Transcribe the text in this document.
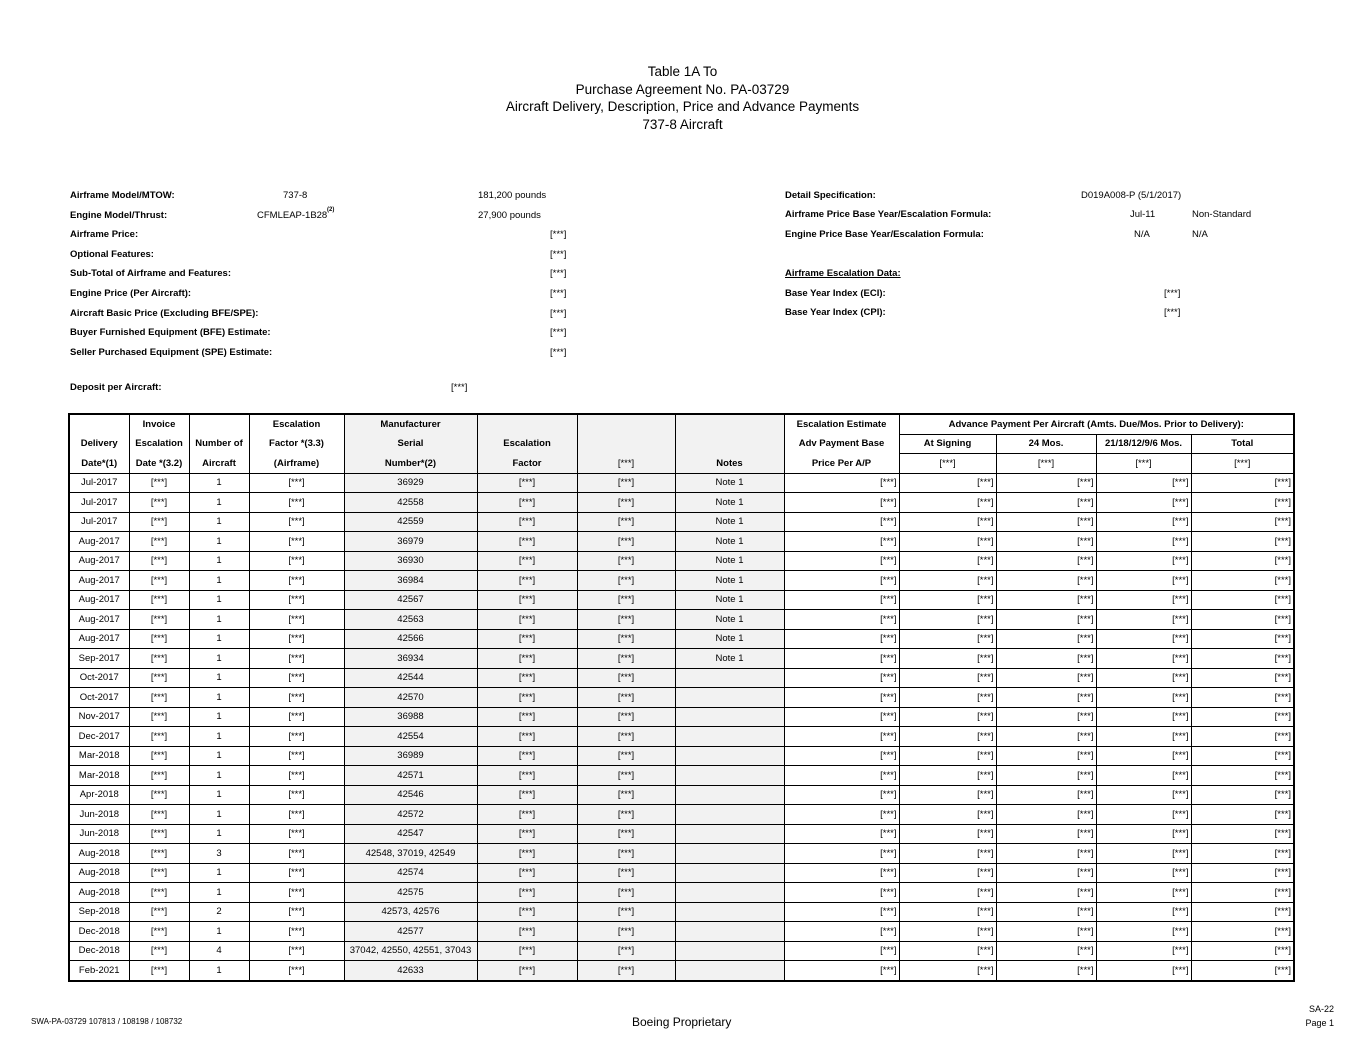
Table 1A To
Purchase Agreement No. PA-03729
Aircraft Delivery, Description, Price and Advance Payments
737-8 Aircraft
Airframe Model/MTOW:	737-8	181,200 pounds
Engine Model/Thrust:	CFMLEAP-1B28 $^{(2)}$	27,900 pounds
Airframe Price:	[***]
Optional Features:	[***]
Sub-Total of Airframe and Features:	[***]
Engine Price (Per Aircraft):	[***]
Aircraft Basic Price (Excluding BFE/SPE):	[***]
Buyer Furnished Equipment (BFE) Estimate:	[***]
Seller Purchased Equipment (SPE) Estimate:	[***]
Deposit per Aircraft:	[***]
Detail Specification:	D019A008-P (5/1/2017)
Airframe Price Base Year/Escalation Formula:	Jul-11	Non-Standard
Engine Price Base Year/Escalation Formula:	N/A	N/A
Airframe Escalation Data:
Base Year Index (ECI):	[***]
Base Year Index (CPI):	[***]
	Invoice		Escalation	Manufacturer				Escalation Estimate	Advance Payment Per Aircraft (Amts. Due/Mos. Prior to Delivery):			
Delivery	Escalation	Number of	Factor *(3.3)	Serial	Escalation			Adv Payment Base	At Signing	24 Mos.	21/18/12/9/6 Mos.	Total
Date*(1)	Date *(3.2)	Aircraft	(Airframe)	Number*(2)	Factor	[***]	Notes	Price Per A/P	[***]	[***]	[***]	[***]
Jul-2017	[***]	1	[***]	36929	[***]	[***]	Note 1	[***]	[***]	[***]	[***]	[***]
Jul-2017	[***]	1	[***]	42558	[***]	[***]	Note 1	[***]	[***]	[***]	[***]	[***]
Jul-2017	[***]	1	[***]	42559	[***]	[***]	Note 1	[***]	[***]	[***]	[***]	[***]
Aug-2017	[***]	1	[***]	36979	[***]	[***]	Note 1	[***]	[***]	[***]	[***]	[***]
Aug-2017	[***]	1	[***]	36930	[***]	[***]	Note 1	[***]	[***]	[***]	[***]	[***]
Aug-2017	[***]	1	[***]	36984	[***]	[***]	Note 1	[***]	[***]	[***]	[***]	[***]
Aug-2017	[***]	1	[***]	42567	[***]	[***]	Note 1	[***]	[***]	[***]	[***]	[***]
Aug-2017	[***]	1	[***]	42563	[***]	[***]	Note 1	[***]	[***]	[***]	[***]	[***]
Aug-2017	[***]	1	[***]	42566	[***]	[***]	Note 1	[***]	[***]	[***]	[***]	[***]
Sep-2017	[***]	1	[***]	36934	[***]	[***]	Note 1	[***]	[***]	[***]	[***]	[***]
Oct-2017	[***]	1	[***]	42544	[***]	[***]		[***]	[***]	[***]	[***]	[***]
Oct-2017	[***]	1	[***]	42570	[***]	[***]		[***]	[***]	[***]	[***]	[***]
Nov-2017	[***]	1	[***]	36988	[***]	[***]		[***]	[***]	[***]	[***]	[***]
Dec-2017	[***]	1	[***]	42554	[***]	[***]		[***]	[***]	[***]	[***]	[***]
Mar-2018	[***]	1	[***]	36989	[***]	[***]		[***]	[***]	[***]	[***]	[***]
Mar-2018	[***]	1	[***]	42571	[***]	[***]		[***]	[***]	[***]	[***]	[***]
Apr-2018	[***]	1	[***]	42546	[***]	[***]		[***]	[***]	[***]	[***]	[***]
Jun-2018	[***]	1	[***]	42572	[***]	[***]		[***]	[***]	[***]	[***]	[***]
Jun-2018	[***]	1	[***]	42547	[***]	[***]		[***]	[***]	[***]	[***]	[***]
Aug-2018	[***]	3	[***]	42548, 37019, 42549	[***]	[***]		[***]	[***]	[***]	[***]	[***]
Aug-2018	[***]	1	[***]	42574	[***]	[***]		[***]	[***]	[***]	[***]	[***]
Aug-2018	[***]	1	[***]	42575	[***]	[***]		[***]	[***]	[***]	[***]	[***]
Sep-2018	[***]	2	[***]	42573, 42576	[***]	[***]		[***]	[***]	[***]	[***]	[***]
Dec-2018	[***]	1	[***]	42577	[***]	[***]		[***]	[***]	[***]	[***]	[***]
Dec-2018	[***]	4	[***]	37042, 42550, 42551, 37043	[***]	[***]		[***]	[***]	[***]	[***]	[***]
Feb-2021	[***]	1	[***]	42633	[***]	[***]		[***]	[***]	[***]	[***]	[***]
SWA-PA-03729 107813 / 108198 / 108732	Boeing Proprietary
SA-22
Page 1
